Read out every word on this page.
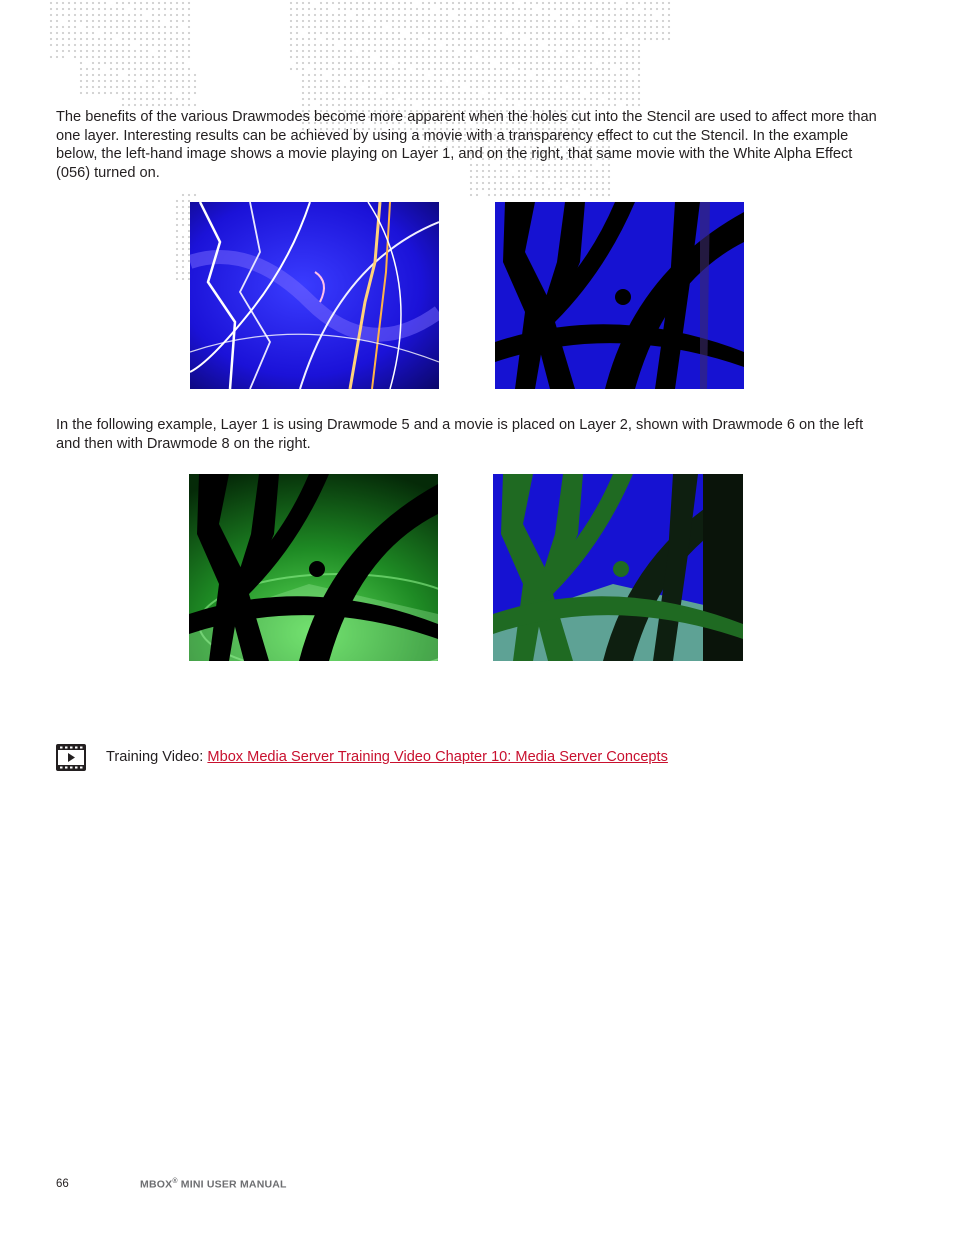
The benefits of the various Drawmodes become more apparent when the holes cut into the Stencil are used to affect more than one layer. Interesting results can be achieved by using a movie with a transparency effect to cut the Stencil. In the example below, the left-hand image shows a movie playing on Layer 1, and on the right, that same movie with the White Alpha Effect (056) turned on.

In the following example, Layer 1 is using Drawmode 5 and a movie is placed on Layer 2, shown with Drawmode 6 on the left and then with Drawmode 8 on the right.

Training Video: Mbox Media Server Training Video Chapter 10: Media Server Concepts
66	MBOX® MINI USER MANUAL
